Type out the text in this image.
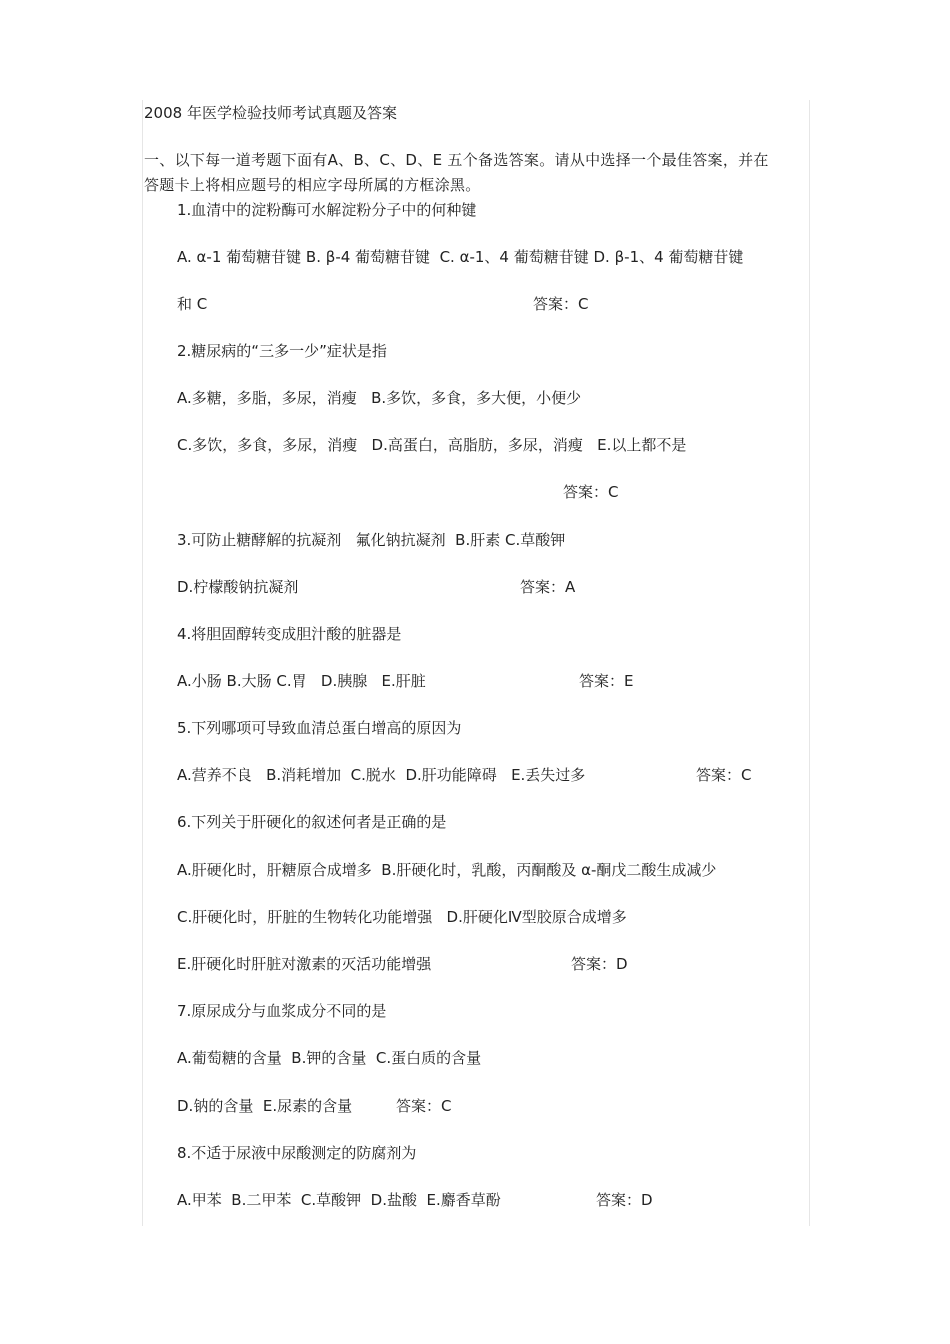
2008 年医学检验技师考试真题及答案
一、以下每一道考题下面有A、B、C、D、E 五个备选答案。请从中选择一个最佳答案，并在
答题卡上将相应题号的相应字母所属的方框涂黑。
1.血清中的淀粉酶可水解淀粉分子中的何种键
A. α-1 葡萄糖苷键 B. β-4 葡萄糖苷键  C. α-1、4 葡萄糖苷键 D. β-1、4 葡萄糖苷键
和 C	答案：C
2.糖尿病的“三多一少”症状是指
A.多糖，多脂，多尿，消瘦   B.多饮，多食，多大便，小便少
C.多饮，多食，多尿，消瘦   D.高蛋白，高脂肪，多尿，消瘦   E.以上都不是
答案：C
3.可防止糖酵解的抗凝剂   氟化钠抗凝剂  B.肝素 C.草酸钾
D.柠檬酸钠抗凝剂	答案：A
4.将胆固醇转变成胆汁酸的脏器是
A.小肠 B.大肠 C.胃   D.胰腺   E.肝脏	答案：E
5.下列哪项可导致血清总蛋白增高的原因为
A.营养不良   B.消耗增加  C.脱水  D.肝功能障碍   E.丢失过多	答案：C
6.下列关于肝硬化的叙述何者是正确的是
A.肝硬化时，肝糖原合成增多  B.肝硬化时，乳酸，丙酮酸及 α-酮戊二酸生成减少
C.肝硬化时，肝脏的生物转化功能增强   D.肝硬化Ⅳ型胶原合成增多
E.肝硬化时肝脏对激素的灭活功能增强	答案：D
7.原尿成分与血浆成分不同的是
A.葡萄糖的含量  B.钾的含量  C.蛋白质的含量
D.钠的含量  E.尿素的含量	答案：C
8.不适于尿液中尿酸测定的防腐剂为
A.甲苯  B.二甲苯  C.草酸钾  D.盐酸  E.麝香草酚	答案：D
